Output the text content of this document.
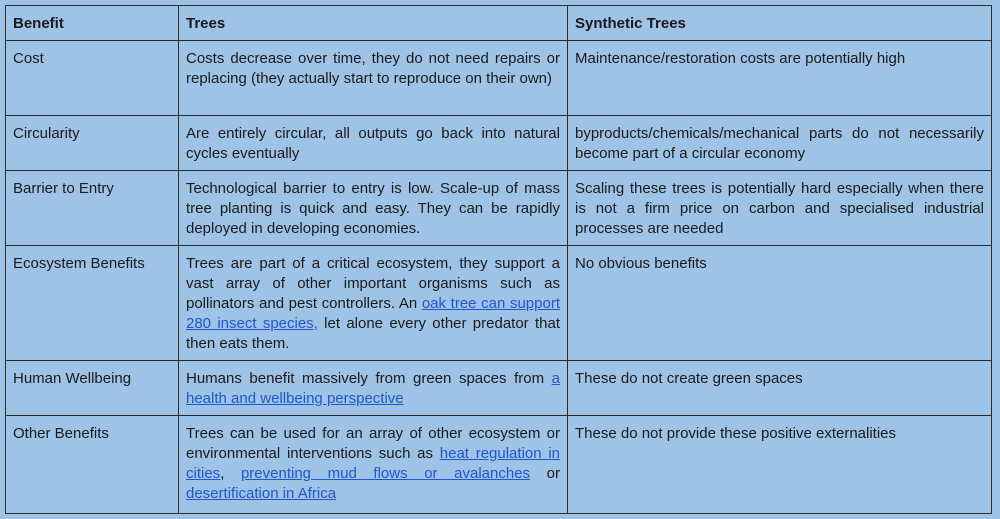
Benefit	Trees	Synthetic Trees
Cost	Costs decrease over time, they do not need repairs or replacing (they actually start to reproduce on their own)	Maintenance/restoration costs are potentially high
Circularity	Are entirely circular, all outputs go back into natural cycles eventually	byproducts/chemicals/mechanical parts do not necessarily become part of a circular economy
Barrier to Entry	Technological barrier to entry is low. Scale-up of mass tree planting is quick and easy. They can be rapidly deployed in developing economies.	Scaling these trees is potentially hard especially when there is not a firm price on carbon and specialised industrial processes are needed
Ecosystem Benefits	Trees are part of a critical ecosystem, they support a vast array of other important organisms such as pollinators and pest controllers. An oak tree can support 280 insect species, let alone every other predator that then eats them.	No obvious benefits
Human Wellbeing	Humans benefit massively from green spaces from a health and wellbeing perspective	These do not create green spaces
Other Benefits	Trees can be used for an array of other ecosystem or environmental interventions such as heat regulation in cities, preventing mud flows or avalanches or desertification in Africa	These do not provide these positive externalities
